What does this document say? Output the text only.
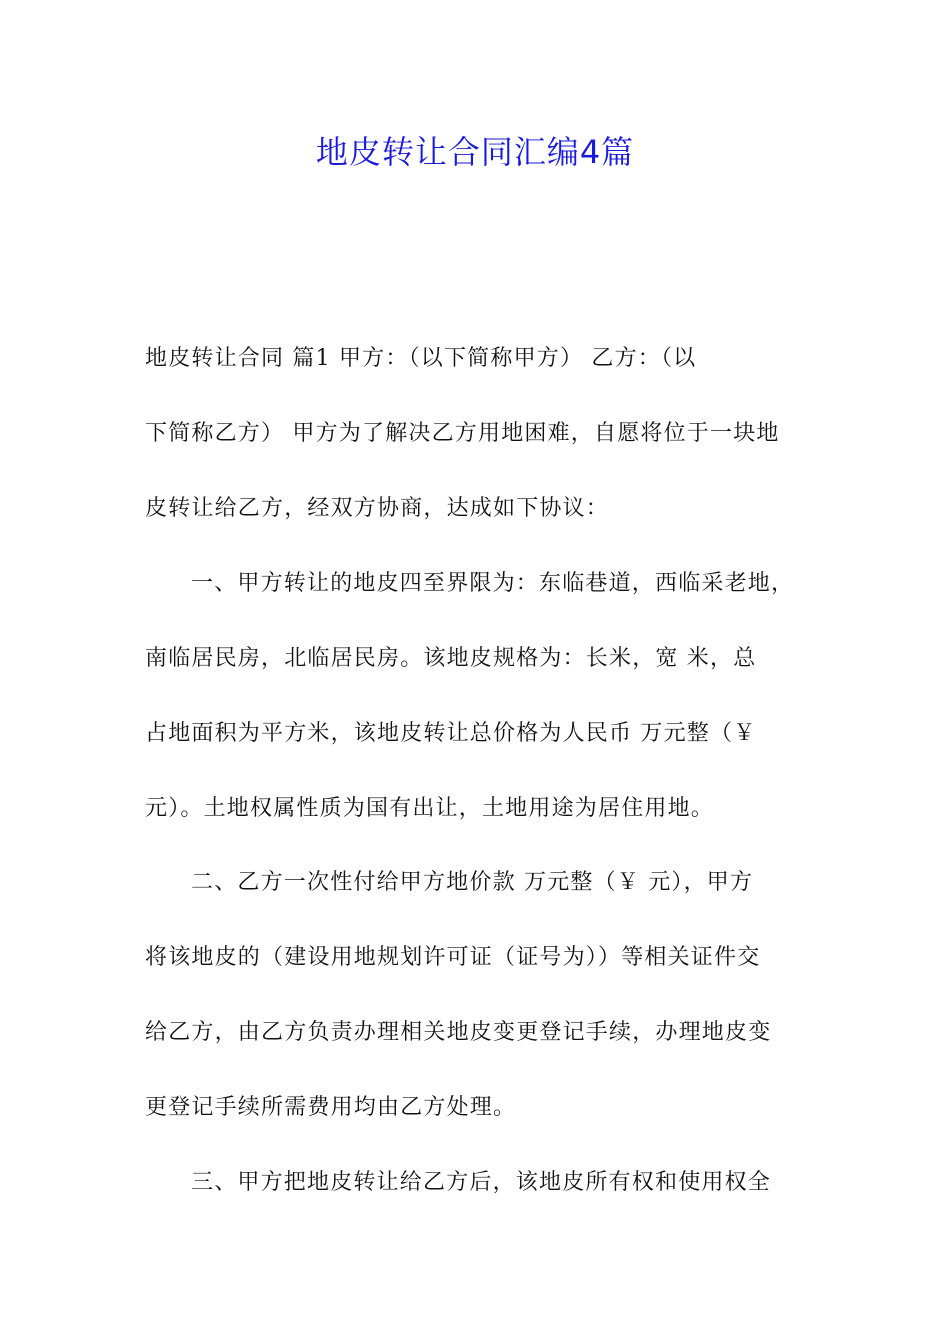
地皮转让合同汇编4篇
地皮转让合同 篇1 甲方：（以下简称甲方） 乙方：（以
下简称乙方） 甲方为了解决乙方用地困难，自愿将位于一块地
皮转让给乙方，经双方协商，达成如下协议：
一、甲方转让的地皮四至界限为：东临巷道，西临采老地，
南临居民房，北临居民房。该地皮规格为：长米，宽 米，总
占地面积为平方米，该地皮转让总价格为人民币 万元整（￥
元）。土地权属性质为国有出让，土地用途为居住用地。
二、乙方一次性付给甲方地价款 万元整（￥ 元），甲方
将该地皮的（建设用地规划许可证（证号为））等相关证件交
给乙方，由乙方负责办理相关地皮变更登记手续，办理地皮变
更登记手续所需费用均由乙方处理。
三、甲方把地皮转让给乙方后，该地皮所有权和使用权全
